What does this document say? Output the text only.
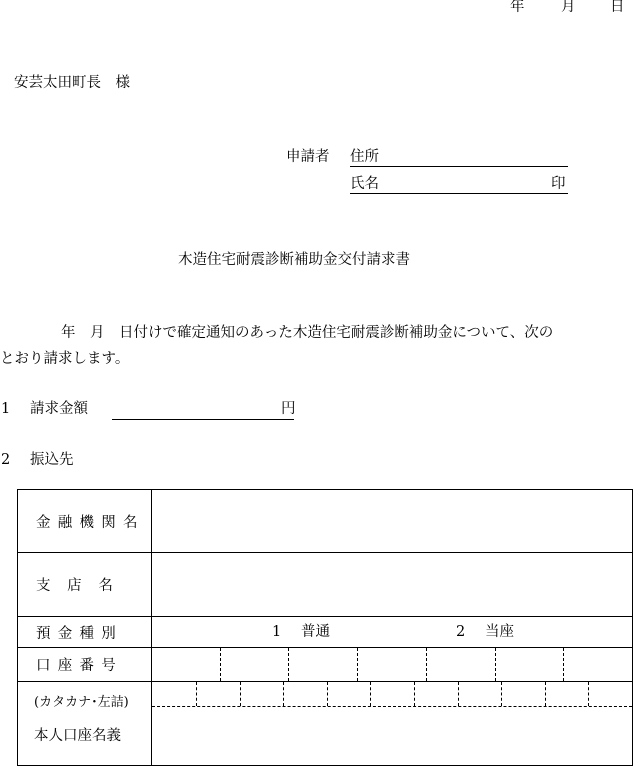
年	月 日
安芸太田町長　様
申請者 住所
氏名	印
木造住宅耐震診断補助金交付請求書
年　月　日付けで確定通知のあった木造住宅耐震診断補助金について、次の
とおり請求します。
1 請求金額	円
2 振込先
金融機関名	
支店名	
預金種別	1 普通 2 当座

口座番号	

(カタカナ･左詰)
本人口座名義	
